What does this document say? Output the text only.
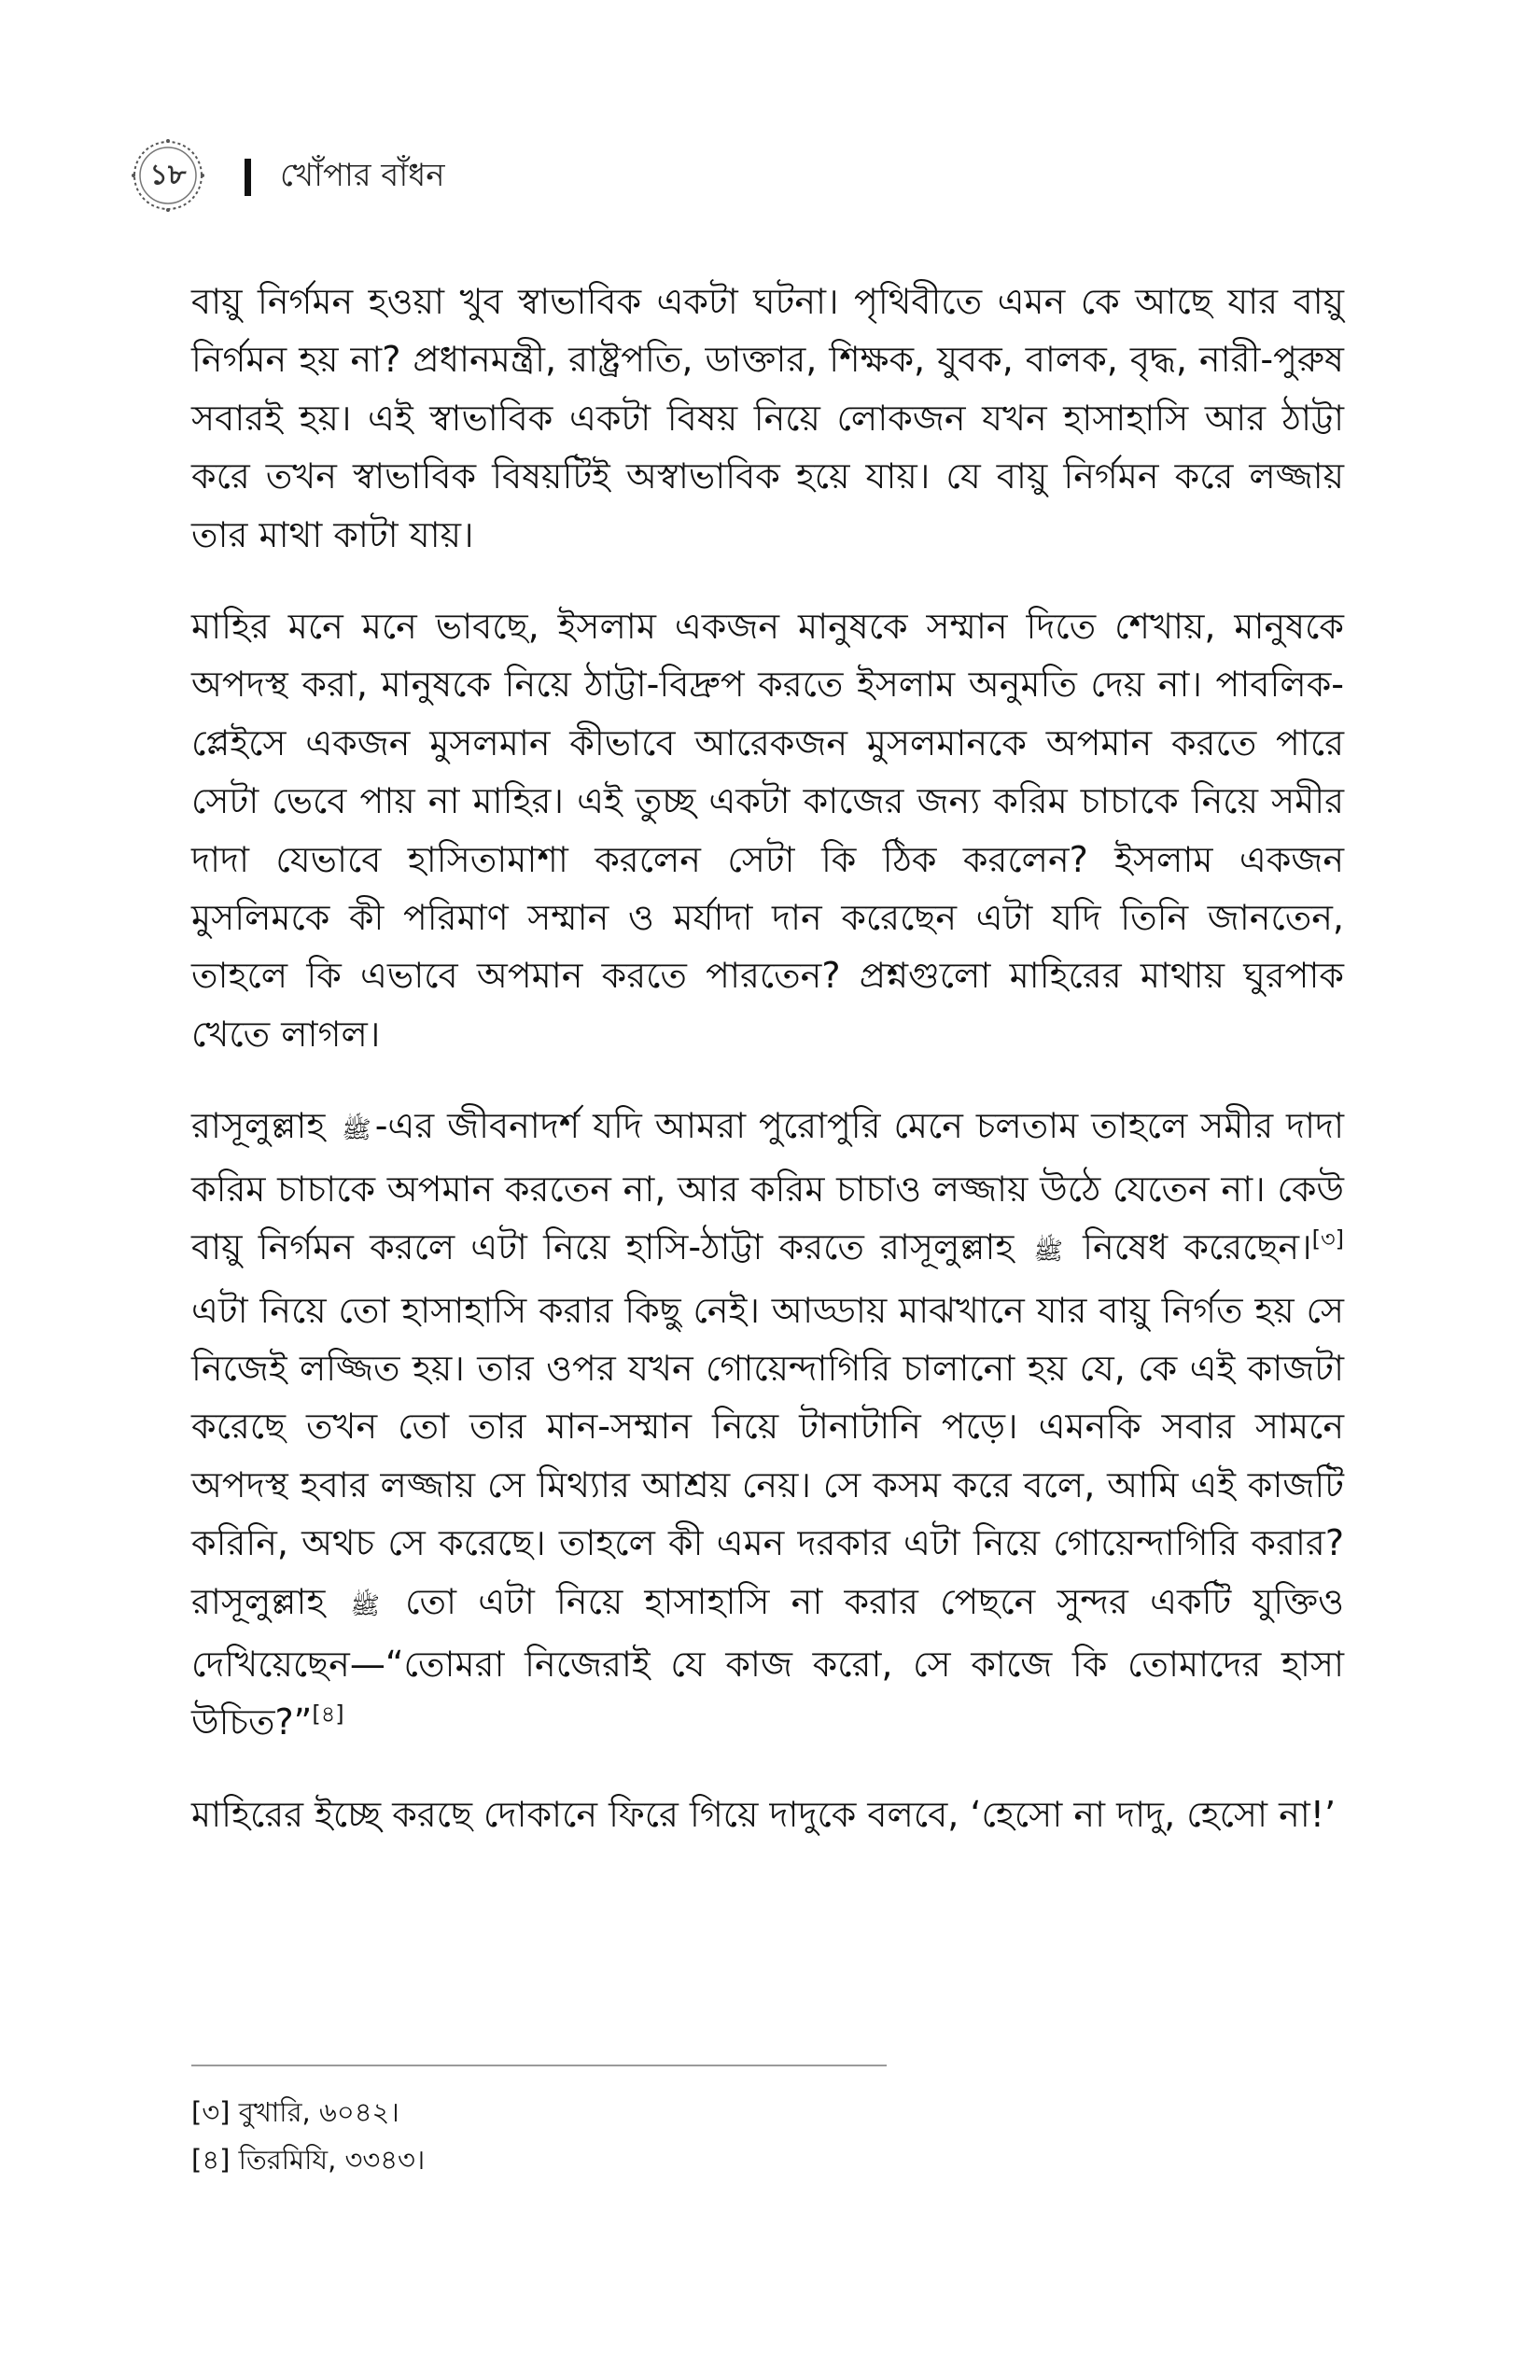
১৮	খোঁপার বাঁধন

বায়ু নির্গমন হওয়া খুব স্বাভাবিক একটা ঘটনা। পৃথিবীতে এমন কে আছে যার বায়ু নির্গমন হয় না? প্রধানমন্ত্রী, রাষ্ট্রপতি, ডাক্তার, শিক্ষক, যুবক, বালক, বৃদ্ধ, নারী-পুরুষ সবারই হয়। এই স্বাভাবিক একটা বিষয় নিয়ে লোকজন যখন হাসাহাসি আর ঠাট্টা করে তখন স্বাভাবিক বিষয়টিই অস্বাভাবিক হয়ে যায়। যে বায়ু নির্গমন করে লজ্জায় তার মাথা কাটা যায়।

মাহির মনে মনে ভাবছে, ইসলাম একজন মানুষকে সম্মান দিতে শেখায়, মানুষকে অপদস্থ করা, মানুষকে নিয়ে ঠাট্টা-বিদ্রুপ করতে ইসলাম অনুমতি দেয় না। পাবলিক-প্লেইসে একজন মুসলমান কীভাবে আরেকজন মুসলমানকে অপমান করতে পারে সেটা ভেবে পায় না মাহির। এই তুচ্ছ একটা কাজের জন্য করিম চাচাকে নিয়ে সমীর দাদা যেভাবে হাসিতামাশা করলেন সেটা কি ঠিক করলেন? ইসলাম একজন মুসলিমকে কী পরিমাণ সম্মান ও মর্যাদা দান করেছেন এটা যদি তিনি জানতেন, তাহলে কি এভাবে অপমান করতে পারতেন? প্রশ্নগুলো মাহিরের মাথায় ঘুরপাক খেতে লাগল।

রাসূলুল্লাহ ﷺ -এর জীবনাদর্শ যদি আমরা পুরোপুরি মেনে চলতাম তাহলে সমীর দাদা করিম চাচাকে অপমান করতেন না, আর করিম চাচাও লজ্জায় উঠে যেতেন না। কেউ বায়ু নির্গমন করলে এটা নিয়ে হাসি-ঠাট্টা করতে রাসূলুল্লাহ ﷺ নিষেধ করেছেন।[৩] এটা নিয়ে তো হাসাহাসি করার কিছু নেই। আড্ডায় মাঝখানে যার বায়ু নির্গত হয় সে নিজেই লজ্জিত হয়। তার ওপর যখন গোয়েন্দাগিরি চালানো হয় যে, কে এই কাজটা করেছে তখন তো তার মান-সম্মান নিয়ে টানাটানি পড়ে। এমনকি সবার সামনে অপদস্থ হবার লজ্জায় সে মিথ্যার আশ্রয় নেয়। সে কসম করে বলে, আমি এই কাজটি করিনি, অথচ সে করেছে। তাহলে কী এমন দরকার এটা নিয়ে গোয়েন্দাগিরি করার? রাসূলুল্লাহ ﷺ তো এটা নিয়ে হাসাহাসি না করার পেছনে সুন্দর একটি যুক্তিও দেখিয়েছেন—“তোমরা নিজেরাই যে কাজ করো, সে কাজে কি তোমাদের হাসা উচিত?”[৪]

মাহিরের ইচ্ছে করছে দোকানে ফিরে গিয়ে দাদুকে বলবে, ‘হেসো না দাদু, হেসো না!’

[৩] বুখারি, ৬০৪২।
[৪] তিরমিযি, ৩৩৪৩।
